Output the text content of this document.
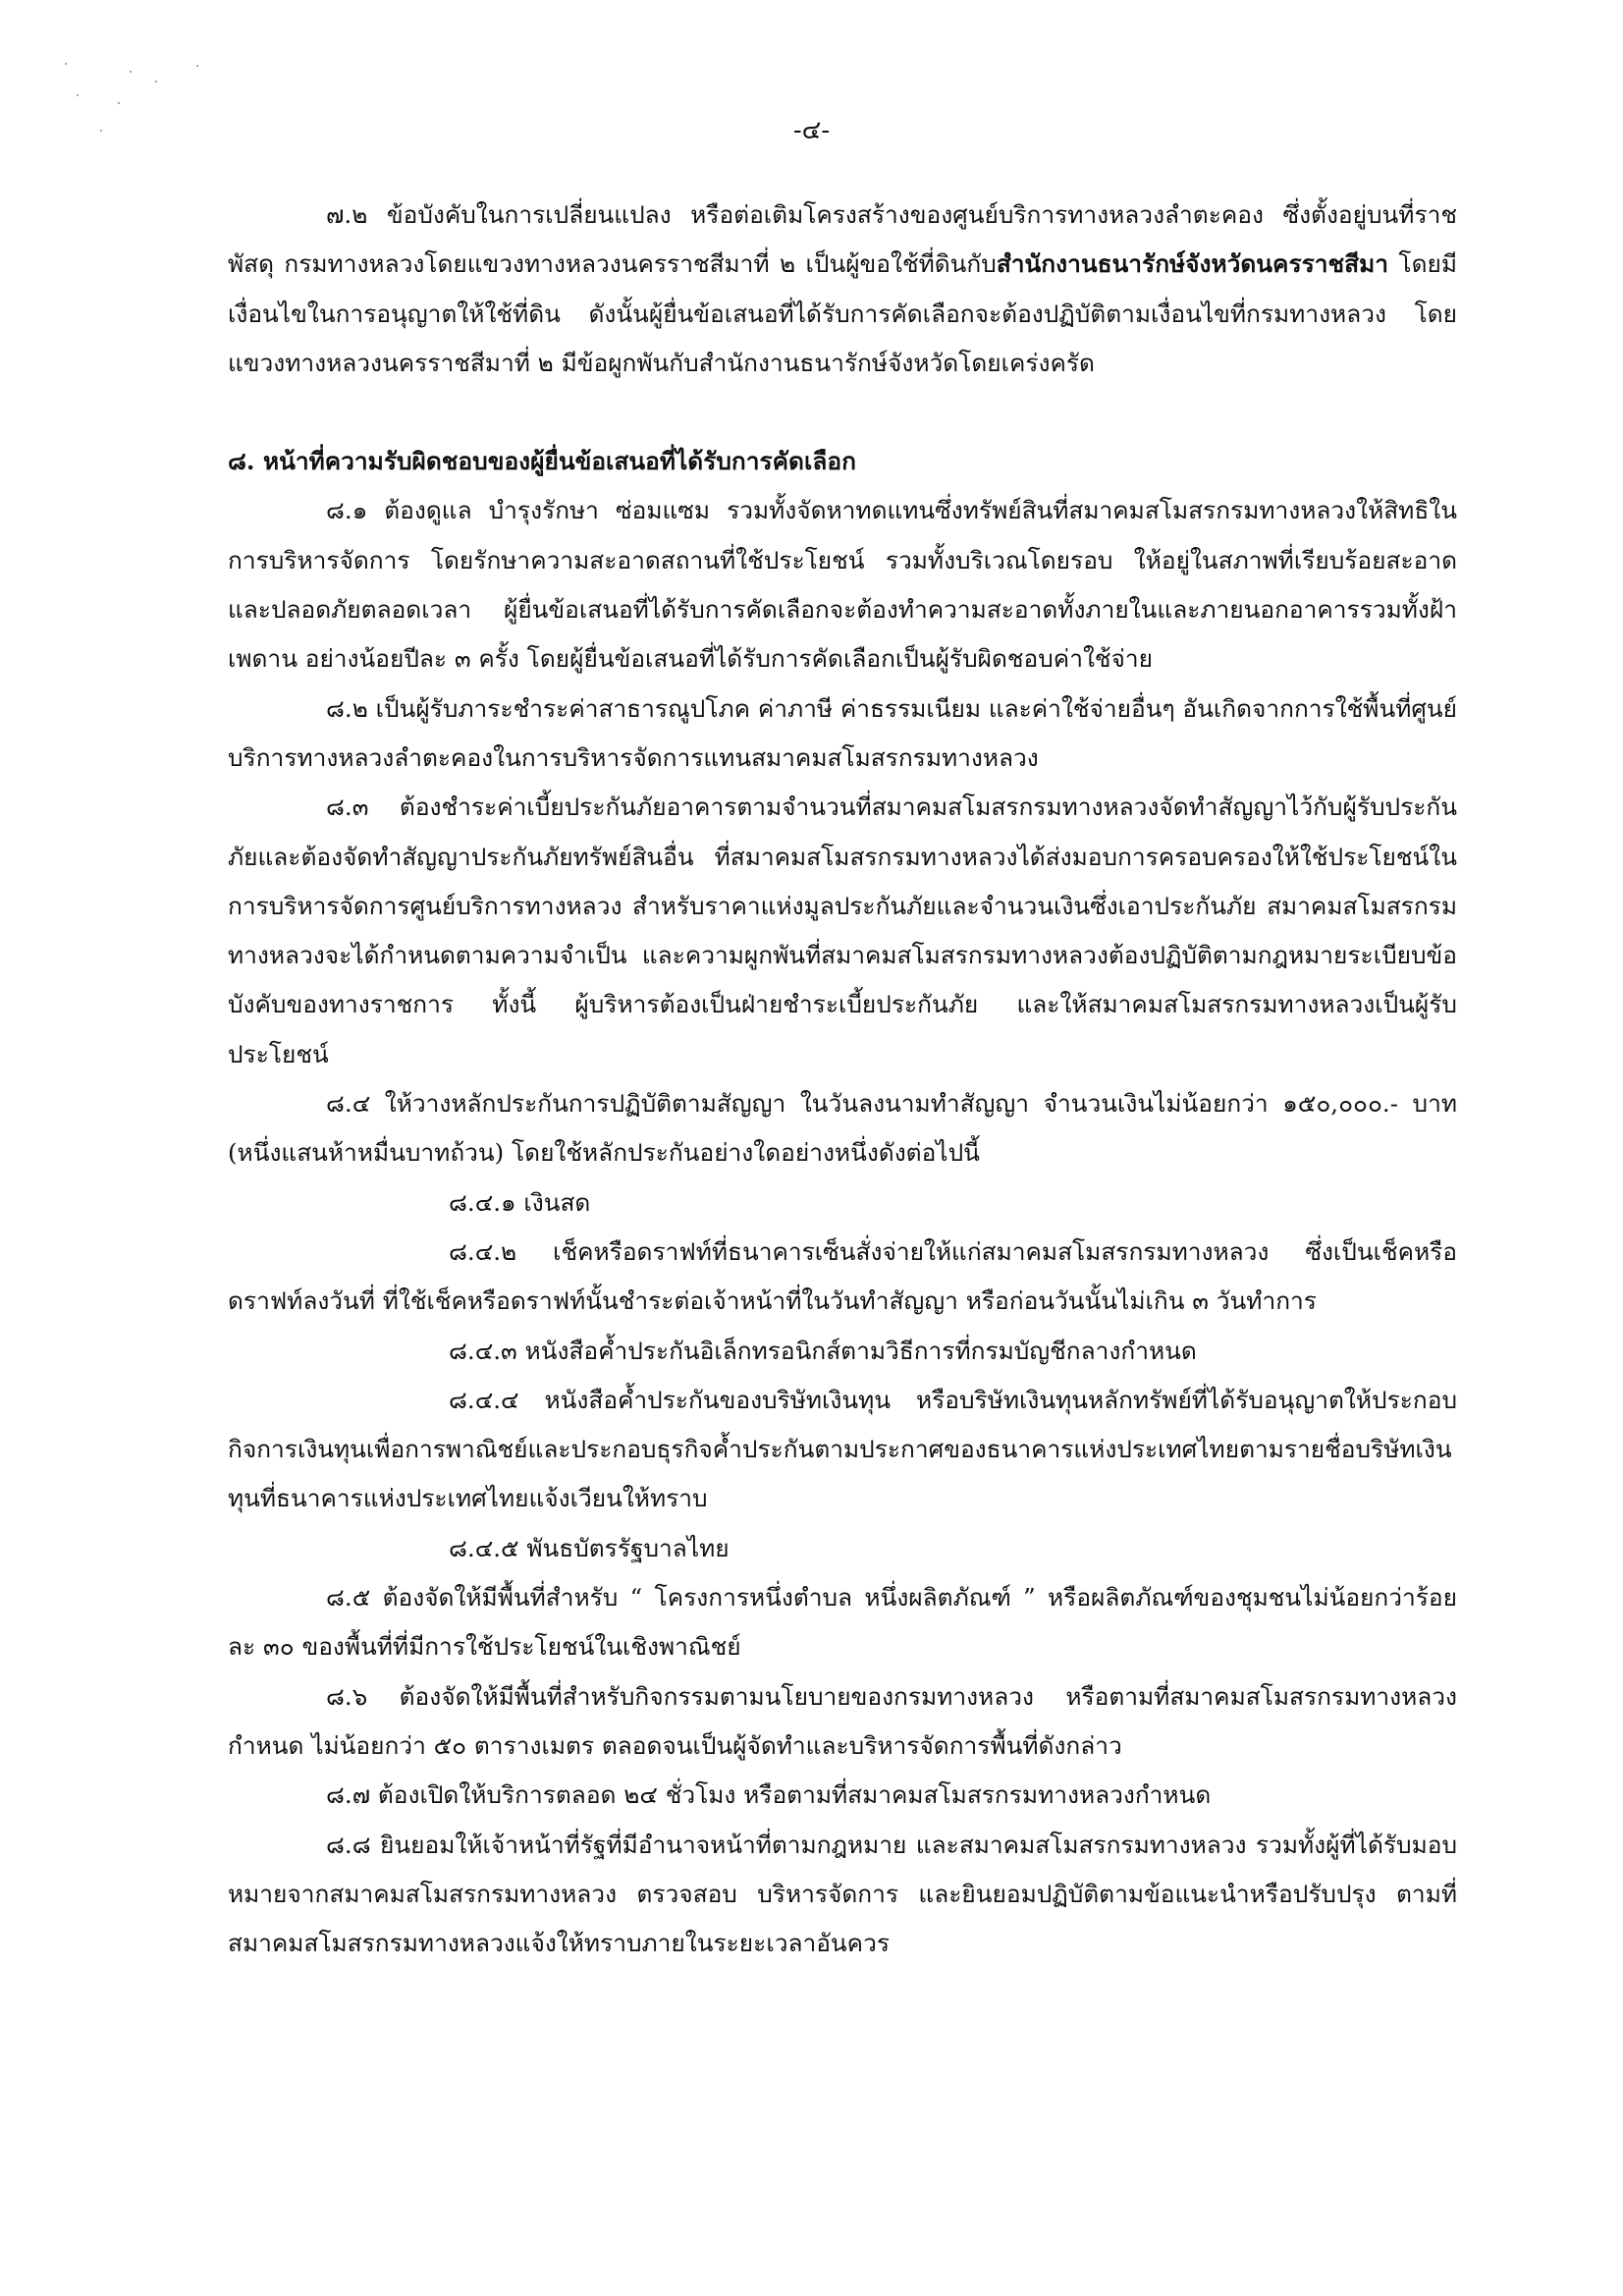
-๔-

๗.๒ ข้อบังคับในการเปลี่ยนแปลง หรือต่อเติมโครงสร้างของศูนย์บริการทางหลวงลำตะคอง ซึ่งตั้งอยู่บนที่ราชพัสดุ กรมทางหลวงโดยแขวงทางหลวงนครราชสีมาที่ ๒ เป็นผู้ขอใช้ที่ดินกับสำนักงานธนารักษ์จังหวัดนครราชสีมา โดยมีเงื่อนไขในการอนุญาตให้ใช้ที่ดิน ดังนั้นผู้ยื่นข้อเสนอที่ได้รับการคัดเลือกจะต้องปฏิบัติตามเงื่อนไขที่กรมทางหลวง โดยแขวงทางหลวงนครราชสีมาที่ ๒ มีข้อผูกพันกับสำนักงานธนารักษ์จังหวัดโดยเคร่งครัด

๘. หน้าที่ความรับผิดชอบของผู้ยื่นข้อเสนอที่ได้รับการคัดเลือก

๘.๑ ต้องดูแล บำรุงรักษา ซ่อมแซม รวมทั้งจัดหาทดแทนซึ่งทรัพย์สินที่สมาคมสโมสรกรมทางหลวงให้สิทธิในการบริหารจัดการ โดยรักษาความสะอาดสถานที่ใช้ประโยชน์ รวมทั้งบริเวณโดยรอบ ให้อยู่ในสภาพที่เรียบร้อยสะอาด และปลอดภัยตลอดเวลา ผู้ยื่นข้อเสนอที่ได้รับการคัดเลือกจะต้องทำความสะอาดทั้งภายในและภายนอกอาคารรวมทั้งฝ้าเพดาน อย่างน้อยปีละ ๓ ครั้ง โดยผู้ยื่นข้อเสนอที่ได้รับการคัดเลือกเป็นผู้รับผิดชอบค่าใช้จ่าย

๘.๒ เป็นผู้รับภาระชำระค่าสาธารณูปโภค ค่าภาษี ค่าธรรมเนียม และค่าใช้จ่ายอื่นๆ อันเกิดจากการใช้พื้นที่ศูนย์บริการทางหลวงลำตะคองในการบริหารจัดการแทนสมาคมสโมสรกรมทางหลวง

๘.๓ ต้องชำระค่าเบี้ยประกันภัยอาคารตามจำนวนที่สมาคมสโมสรกรมทางหลวงจัดทำสัญญาไว้กับผู้รับประกันภัยและต้องจัดทำสัญญาประกันภัยทรัพย์สินอื่น ที่สมาคมสโมสรกรมทางหลวงได้ส่งมอบการครอบครองให้ใช้ประโยชน์ในการบริหารจัดการศูนย์บริการทางหลวง สำหรับราคาแห่งมูลประกันภัยและจำนวนเงินซึ่งเอาประกันภัย สมาคมสโมสรกรมทางหลวงจะได้กำหนดตามความจำเป็น และความผูกพันที่สมาคมสโมสรกรมทางหลวงต้องปฏิบัติตามกฎหมายระเบียบข้อบังคับของทางราชการ ทั้งนี้ ผู้บริหารต้องเป็นฝ่ายชำระเบี้ยประกันภัย และให้สมาคมสโมสรกรมทางหลวงเป็นผู้รับประโยชน์

๘.๔ ให้วางหลักประกันการปฏิบัติตามสัญญา ในวันลงนามทำสัญญา จำนวนเงินไม่น้อยกว่า ๑๕๐,๐๐๐.- บาท (หนึ่งแสนห้าหมื่นบาทถ้วน) โดยใช้หลักประกันอย่างใดอย่างหนึ่งดังต่อไปนี้

๘.๔.๑ เงินสด

๘.๔.๒ เช็คหรือดราฟท์ที่ธนาคารเซ็นสั่งจ่ายให้แก่สมาคมสโมสรกรมทางหลวง ซึ่งเป็นเช็คหรือดราฟท์ลงวันที่ ที่ใช้เช็คหรือดราฟท์นั้นชำระต่อเจ้าหน้าที่ในวันทำสัญญา หรือก่อนวันนั้นไม่เกิน ๓ วันทำการ

๘.๔.๓ หนังสือค้ำประกันอิเล็กทรอนิกส์ตามวิธีการที่กรมบัญชีกลางกำหนด

๘.๔.๔ หนังสือค้ำประกันของบริษัทเงินทุน หรือบริษัทเงินทุนหลักทรัพย์ที่ได้รับอนุญาตให้ประกอบกิจการเงินทุนเพื่อการพาณิชย์และประกอบธุรกิจค้ำประกันตามประกาศของธนาคารแห่งประเทศไทยตามรายชื่อบริษัทเงินทุนที่ธนาคารแห่งประเทศไทยแจ้งเวียนให้ทราบ

๘.๔.๕ พันธบัตรรัฐบาลไทย

๘.๕ ต้องจัดให้มีพื้นที่สำหรับ “ โครงการหนึ่งตำบล หนึ่งผลิตภัณฑ์ ” หรือผลิตภัณฑ์ของชุมชนไม่น้อยกว่าร้อยละ ๓๐ ของพื้นที่ที่มีการใช้ประโยชน์ในเชิงพาณิชย์

๘.๖ ต้องจัดให้มีพื้นที่สำหรับกิจกรรมตามนโยบายของกรมทางหลวง หรือตามที่สมาคมสโมสรกรมทางหลวงกำหนด ไม่น้อยกว่า ๕๐ ตารางเมตร ตลอดจนเป็นผู้จัดทำและบริหารจัดการพื้นที่ดังกล่าว

๘.๗ ต้องเปิดให้บริการตลอด ๒๔ ชั่วโมง หรือตามที่สมาคมสโมสรกรมทางหลวงกำหนด

๘.๘ ยินยอมให้เจ้าหน้าที่รัฐที่มีอำนาจหน้าที่ตามกฎหมาย และสมาคมสโมสรกรมทางหลวง รวมทั้งผู้ที่ได้รับมอบหมายจากสมาคมสโมสรกรมทางหลวง ตรวจสอบ บริหารจัดการ และยินยอมปฏิบัติตามข้อแนะนำหรือปรับปรุง ตามที่สมาคมสโมสรกรมทางหลวงแจ้งให้ทราบภายในระยะเวลาอันควร
